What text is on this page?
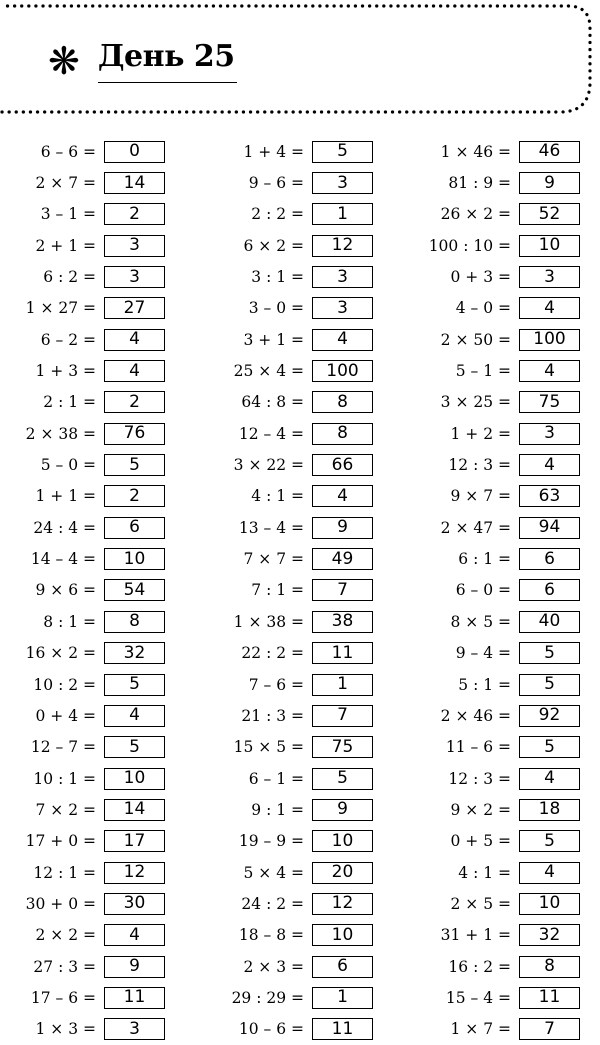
❋ День 25
6 – 6 =	0
2 × 7 =	14
3 – 1 =	2
2 + 1 =	3
6 : 2 =	3
1 × 27 =	27
6 – 2 =	4
1 + 3 =	4
2 : 1 =	2
2 × 38 =	76
5 – 0 =	5
1 + 1 =	2
24 : 4 =	6
14 – 4 =	10
9 × 6 =	54
8 : 1 =	8
16 × 2 =	32
10 : 2 =	5
0 + 4 =	4
12 – 7 =	5
10 : 1 =	10
7 × 2 =	14
17 + 0 =	17
12 : 1 =	12
30 + 0 =	30
2 × 2 =	4
27 : 3 =	9
17 – 6 =	11
1 × 3 =	3
1 + 4 =	5
9 – 6 =	3
2 : 2 =	1
6 × 2 =	12
3 : 1 =	3
3 – 0 =	3
3 + 1 =	4
25 × 4 =	100
64 : 8 =	8
12 – 4 =	8
3 × 22 =	66
4 : 1 =	4
13 – 4 =	9
7 × 7 =	49
7 : 1 =	7
1 × 38 =	38
22 : 2 =	11
7 – 6 =	1
21 : 3 =	7
15 × 5 =	75
6 – 1 =	5
9 : 1 =	9
19 – 9 =	10
5 × 4 =	20
24 : 2 =	12
18 – 8 =	10
2 × 3 =	6
29 : 29 =	1
10 – 6 =	11
1 × 46 =	46
81 : 9 =	9
26 × 2 =	52
100 : 10 =	10
0 + 3 =	3
4 – 0 =	4
2 × 50 =	100
5 – 1 =	4
3 × 25 =	75
1 + 2 =	3
12 : 3 =	4
9 × 7 =	63
2 × 47 =	94
6 : 1 =	6
6 – 0 =	6
8 × 5 =	40
9 – 4 =	5
5 : 1 =	5
2 × 46 =	92
11 – 6 =	5
12 : 3 =	4
9 × 2 =	18
0 + 5 =	5
4 : 1 =	4
2 × 5 =	10
31 + 1 =	32
16 : 2 =	8
15 – 4 =	11
1 × 7 =	7
